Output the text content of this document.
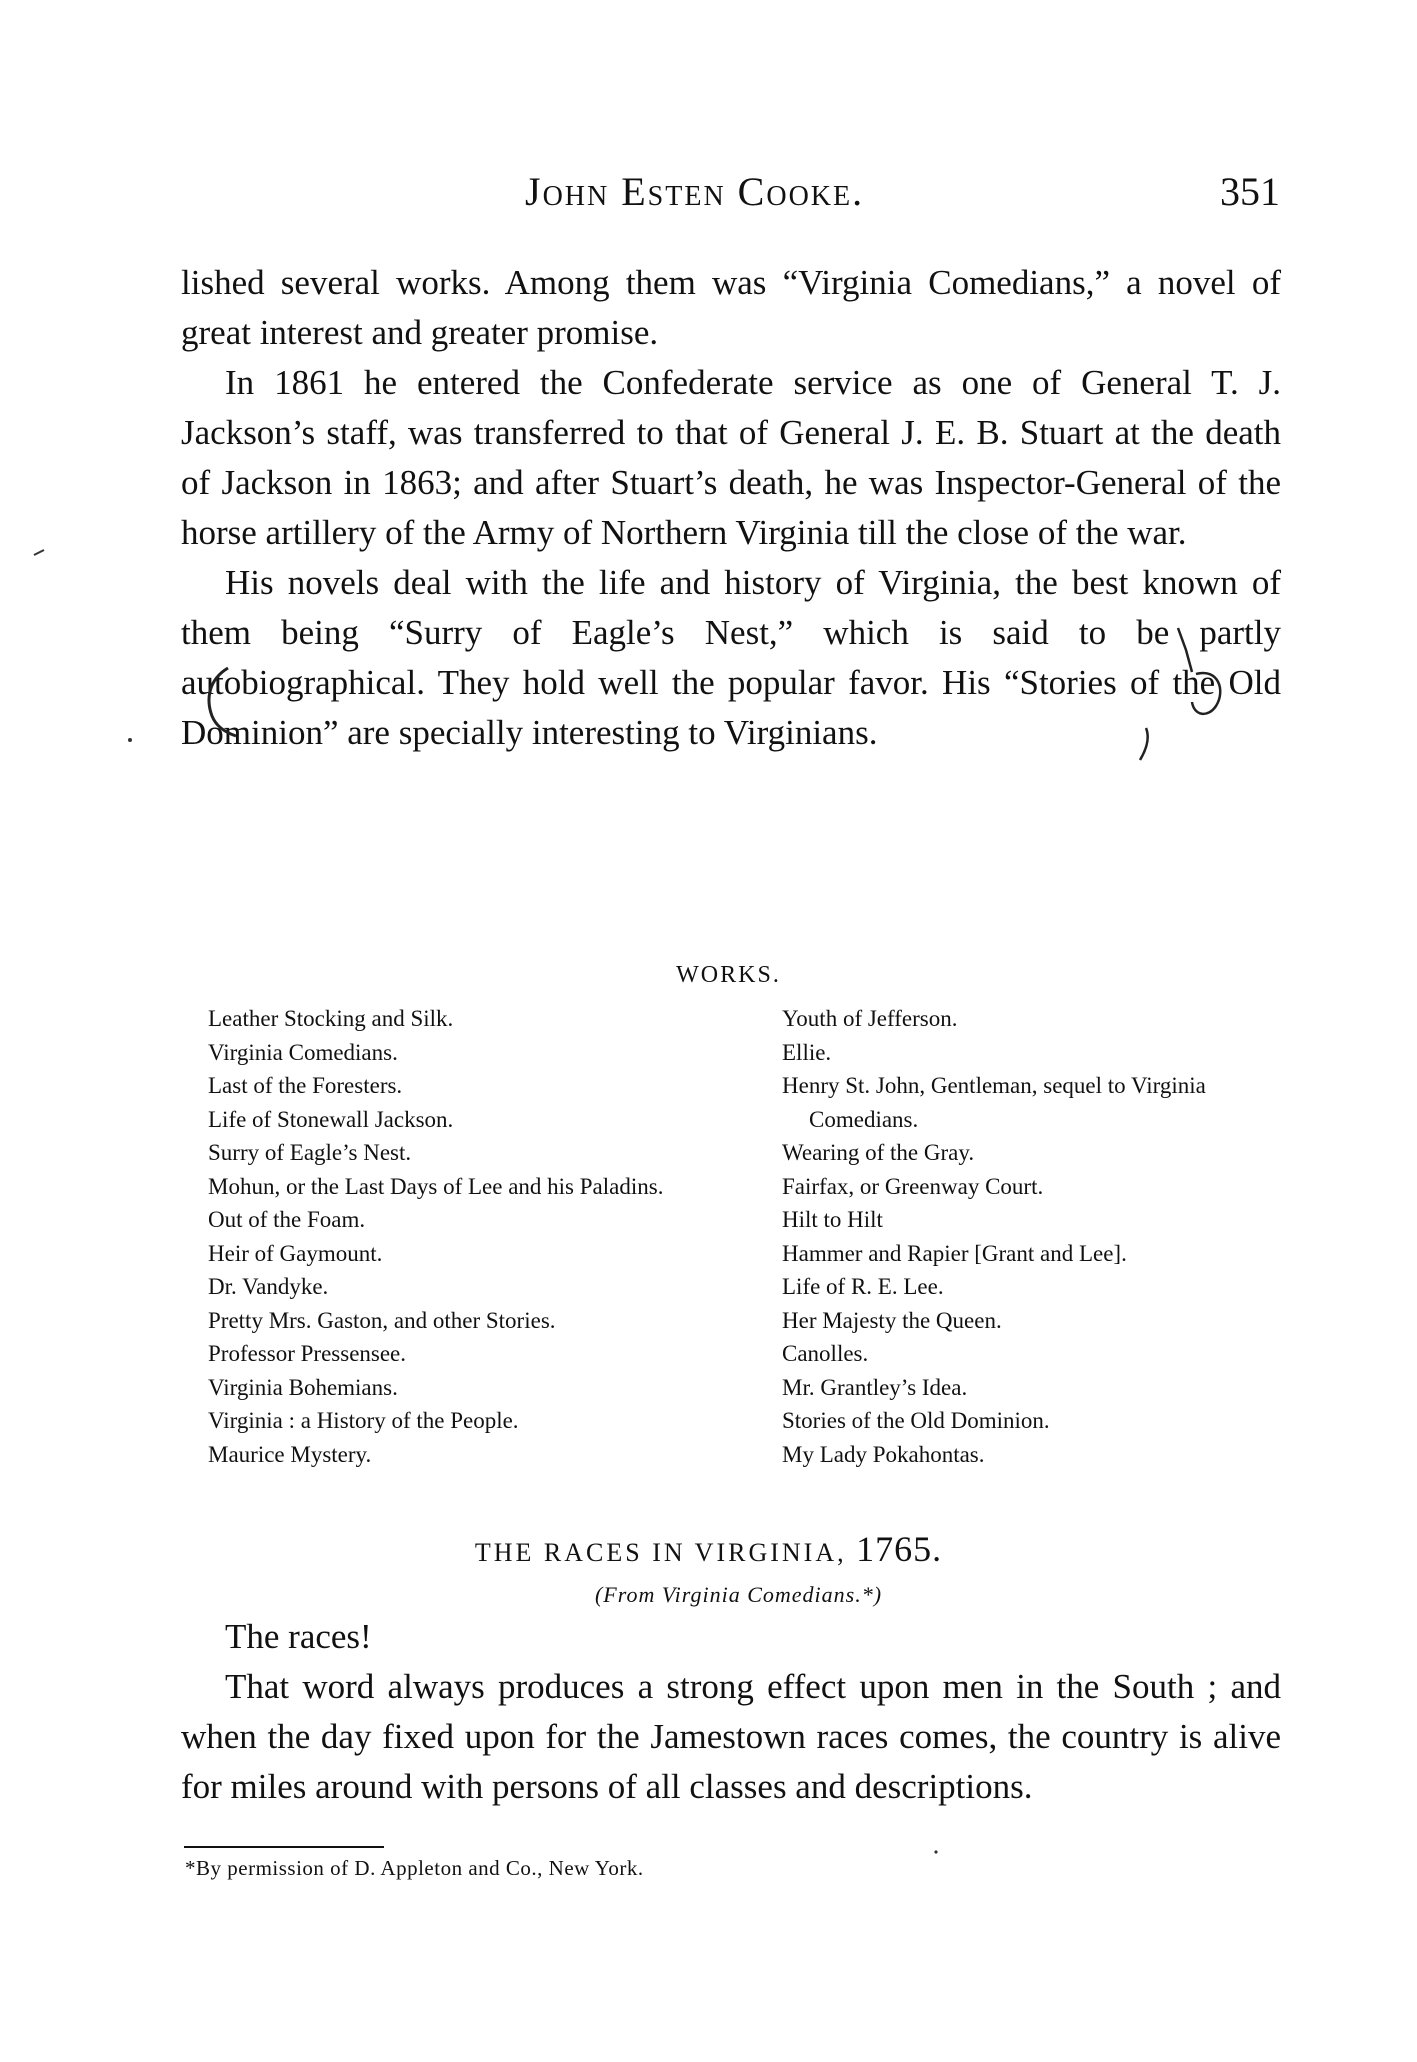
John Esten Cooke.	351

lished several works. Among them was “Virginia Comedians,” a novel of great interest and greater promise.

In 1861 he entered the Confederate service as one of General T. J. Jackson’s staff, was transferred to that of General J. E. B. Stuart at the death of Jackson in 1863; and after Stuart’s death, he was Inspector-General of the horse artillery of the Army of Northern Virginia till the close of the war.

His novels deal with the life and history of Virginia, the best known of them being “Surry of Eagle’s Nest,” which is said to be partly autobiographical. They hold well the popular favor. His “Stories of the Old Dominion” are specially interesting to Virginians.

WORKS.
Leather Stocking and Silk.
Virginia Comedians.
Last of the Foresters.
Life of Stonewall Jackson.
Surry of Eagle’s Nest.
Mohun, or the Last Days of Lee and his Paladins.
Out of the Foam.
Heir of Gaymount.
Dr. Vandyke.
Pretty Mrs. Gaston, and other Stories.
Professor Pressensee.
Virginia Bohemians.
Virginia : a History of the People.
Maurice Mystery.
Youth of Jefferson.
Ellie.
Henry St. John, Gentleman, sequel to Virginia Comedians.
Wearing of the Gray.
Fairfax, or Greenway Court.
Hilt to Hilt
Hammer and Rapier [Grant and Lee].
Life of R. E. Lee.
Her Majesty the Queen.
Canolles.
Mr. Grantley’s Idea.
Stories of the Old Dominion.
My Lady Pokahontas.
THE RACES IN VIRGINIA, 1765.
(From Virginia Comedians.*)

The races!

That word always produces a strong effect upon men in the South ; and when the day fixed upon for the Jamestown races comes, the country is alive for miles around with persons of all classes and descriptions.

*By permission of D. Appleton and Co., New York.
